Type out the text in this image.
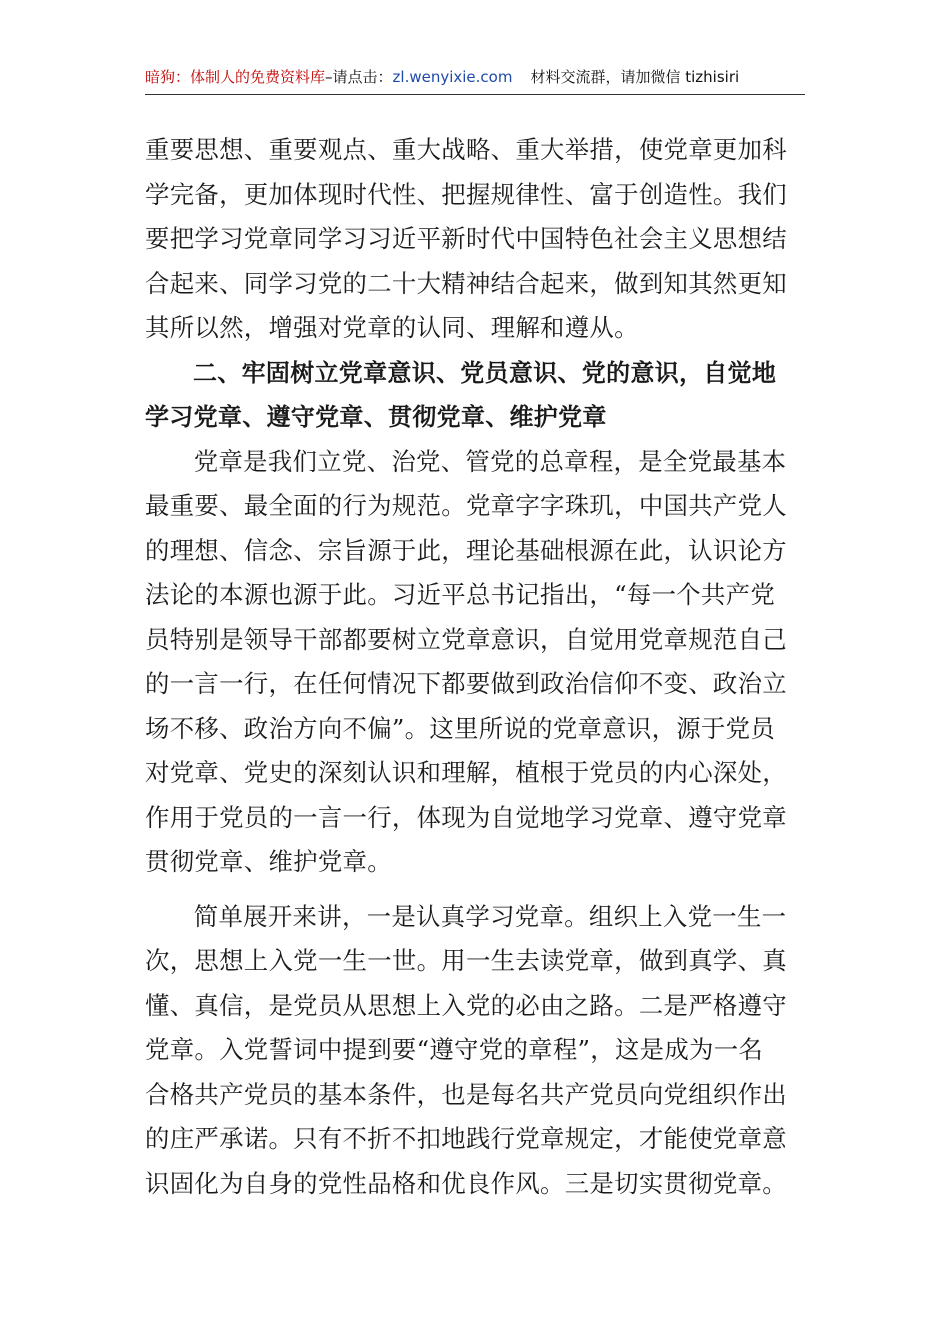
暗狗：体制人的免费资料库–请点击：zl.wenyixie.com 材料交流群，请加微信 tizhisiri
重要思想、重要观点、重大战略、重大举措，使党章更加科
学完备，更加体现时代性、把握规律性、富于创造性。我们
要把学习党章同学习习近平新时代中国特色社会主义思想结
合起来、同学习党的二十大精神结合起来，做到知其然更知
其所以然，增强对党章的认同、理解和遵从。
二、牢固树立党章意识、党员意识、党的意识，自觉地
学习党章、遵守党章、贯彻党章、维护党章
党章是我们立党、治党、管党的总章程，是全党最基本
最重要、最全面的行为规范。党章字字珠玑，中国共产党人
的理想、信念、宗旨源于此，理论基础根源在此，认识论方
法论的本源也源于此。习近平总书记指出，“每一个共产党
员特别是领导干部都要树立党章意识，自觉用党章规范自己
的一言一行，在任何情况下都要做到政治信仰不变、政治立
场不移、政治方向不偏”。这里所说的党章意识，源于党员
对党章、党史的深刻认识和理解，植根于党员的内心深处，
作用于党员的一言一行，体现为自觉地学习党章、遵守党章
贯彻党章、维护党章。
简单展开来讲，一是认真学习党章。组织上入党一生一
次，思想上入党一生一世。用一生去读党章，做到真学、真
懂、真信，是党员从思想上入党的必由之路。二是严格遵守
党章。入党誓词中提到要“遵守党的章程”，这是成为一名
合格共产党员的基本条件，也是每名共产党员向党组织作出
的庄严承诺。只有不折不扣地践行党章规定，才能使党章意
识固化为自身的党性品格和优良作风。三是切实贯彻党章。
